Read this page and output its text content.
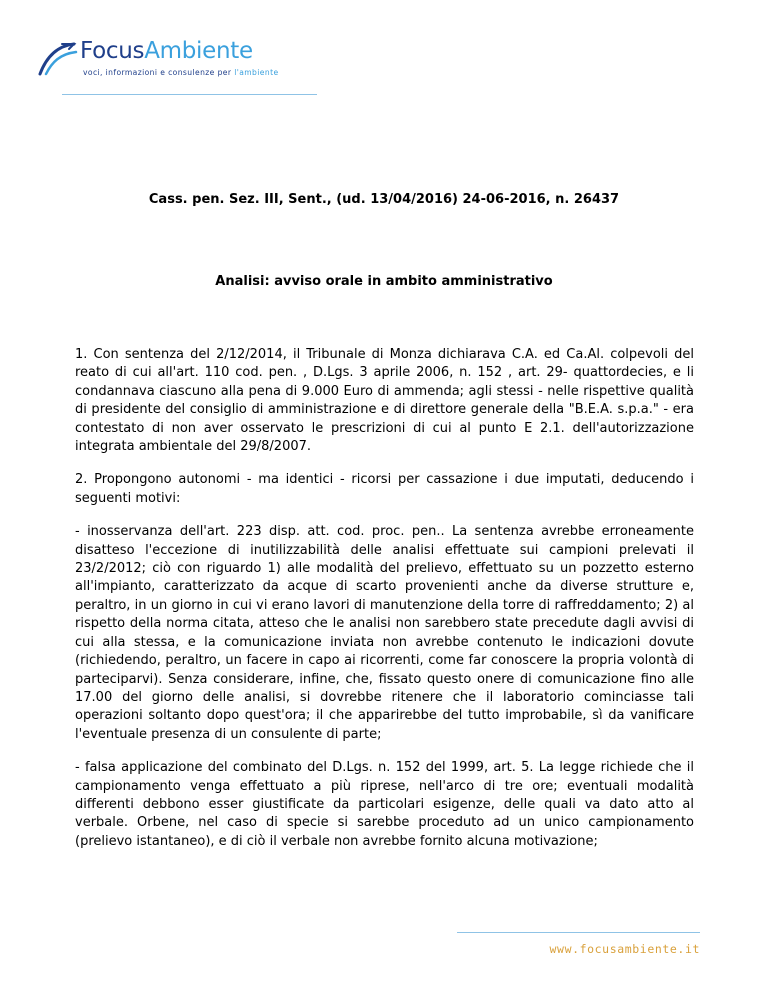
FocusAmbiente
voci, informazioni e consulenze per l'ambiente
Cass. pen. Sez. III, Sent., (ud. 13/04/2016) 24-06-2016, n. 26437
Analisi: avviso orale in ambito amministrativo

1. Con sentenza del 2/12/2014, il Tribunale di Monza dichiarava C.A. ed Ca.Al. colpevoli del reato di cui all'art. 110 cod. pen. , D.Lgs. 3 aprile 2006, n. 152 , art. 29- quattordecies, e li condannava ciascuno alla pena di 9.000 Euro di ammenda; agli stessi - nelle rispettive qualità di presidente del consiglio di amministrazione e di direttore generale della "B.E.A. s.p.a." - era contestato di non aver osservato le prescrizioni di cui al punto E 2.1. dell'autorizzazione integrata ambientale del 29/8/2007.

2. Propongono autonomi - ma identici - ricorsi per cassazione i due imputati, deducendo i seguenti motivi:

- inosservanza dell'art. 223 disp. att. cod. proc. pen.. La sentenza avrebbe erroneamente disatteso l'eccezione di inutilizzabilità delle analisi effettuate sui campioni prelevati il 23/2/2012; ciò con riguardo 1) alle modalità del prelievo, effettuato su un pozzetto esterno all'impianto, caratterizzato da acque di scarto provenienti anche da diverse strutture e, peraltro, in un giorno in cui vi erano lavori di manutenzione della torre di raffreddamento; 2) al rispetto della norma citata, atteso che le analisi non sarebbero state precedute dagli avvisi di cui alla stessa, e la comunicazione inviata non avrebbe contenuto le indicazioni dovute (richiedendo, peraltro, un facere in capo ai ricorrenti, come far conoscere la propria volontà di parteciparvi). Senza considerare, infine, che, fissato questo onere di comunicazione fino alle 17.00 del giorno delle analisi, si dovrebbe ritenere che il laboratorio cominciasse tali operazioni soltanto dopo quest'ora; il che apparirebbe del tutto improbabile, sì da vanificare l'eventuale presenza di un consulente di parte;

- falsa applicazione del combinato del D.Lgs. n. 152 del 1999, art. 5. La legge richiede che il campionamento venga effettuato a più riprese, nell'arco di tre ore; eventuali modalità differenti debbono esser giustificate da particolari esigenze, delle quali va dato atto al verbale. Orbene, nel caso di specie si sarebbe proceduto ad un unico campionamento (prelievo istantaneo), e di ciò il verbale non avrebbe fornito alcuna motivazione;

www.focusambiente.it
